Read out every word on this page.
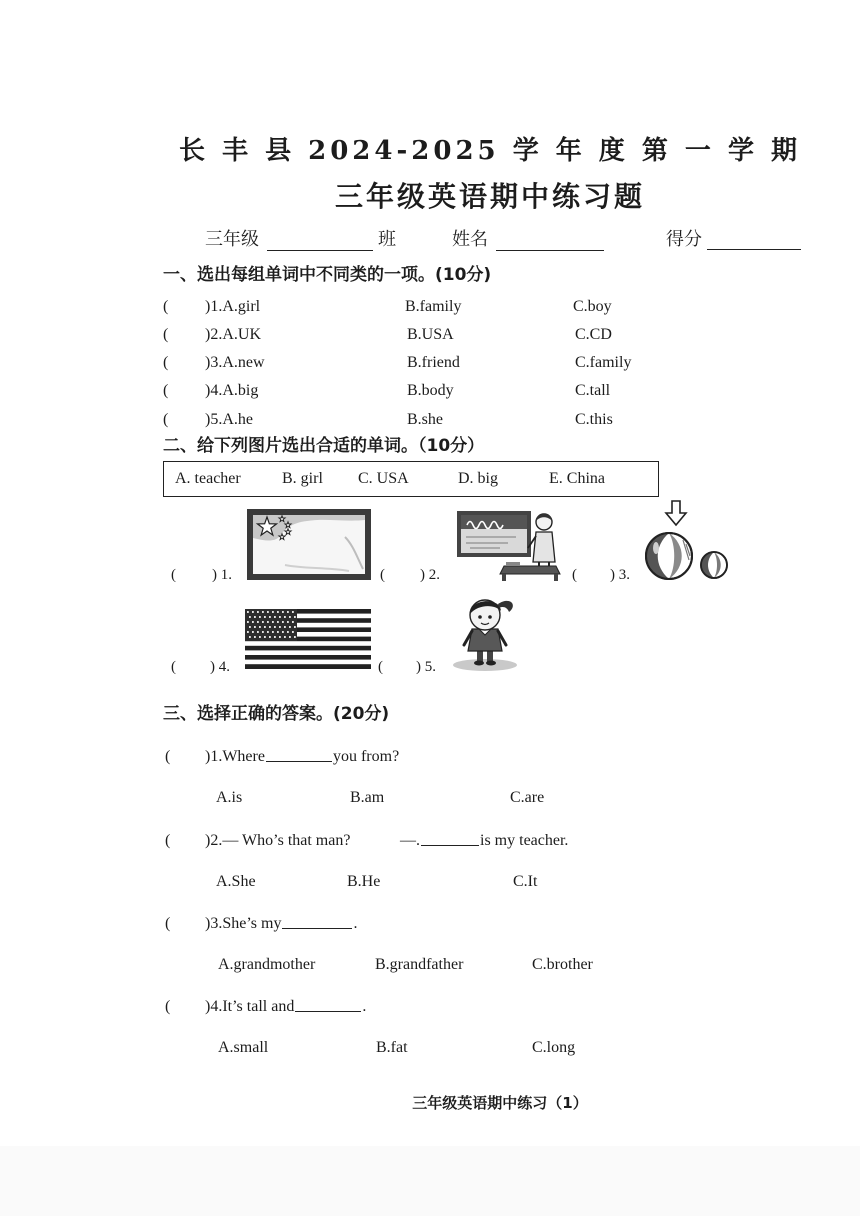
长 丰 县 2024-2025 学 年 度 第 一 学 期
三年级英语期中练习题
三年级	班	姓名	得分
一、选出每组单词中不同类的一项。(10分)
( )1.A.girl	B.family	C.boy
( )2.A.UK	B.USA	C.CD
( )3.A.new	B.friend	C.family
( )4.A.big	B.body	C.tall
( )5.A.he	B.she	C.this
二、给下列图片选出合适的单词。（10分）
A. teacher	B. girl C. USA	D. big	E. China
( ) 1.	( ) 2.	( ) 3.
( ) 4.	( ) 5.
三、选择正确的答案。(20分)
( )1.Where	you from?
A.is	B.am	C.are
( )2.— Who’s that man?	—.	is my teacher.
A.She	B.He	C.It
( )3.She’s my	.
A.grandmother	B.grandfather	C.brother
( )4.It’s tall and	.
A.small	B.fat	C.long
三年级英语期中练习（1）
